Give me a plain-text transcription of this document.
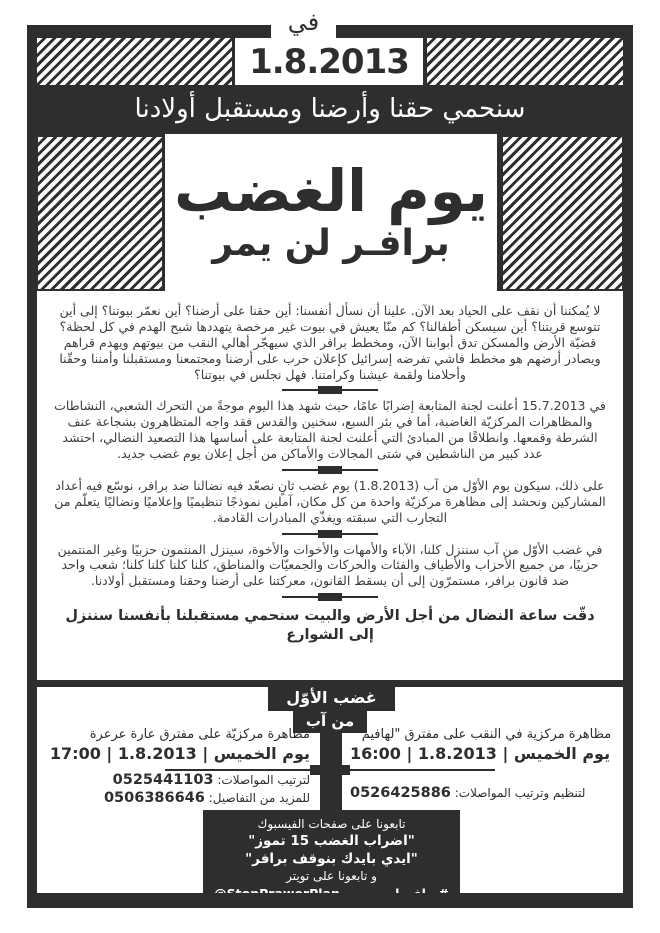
في
1.8.2013
سنحمي حقنا وأرضنا ومستقبل أولادنا
يوم الغضب
برافـر لن يمر

لا يُمكننا أن نقف على الحياد بعد الآن. علينا أن نسأل أنفسنا: أين حقنا على أرضنا؟ أين نعمّر بيوتنا؟ إلى أين تتوسع قريتنا؟ أين سيسكن أطفالنا؟ كم منّا يعيش في بيوت غير مرخصة يتهددها شبح الهدم في كل لحظة؟ قضيّة الأرض والمسكن تدق أبوابنا الآن، ومخطط برافر الذي سيهجّر أهالي النقب من بيوتهم ويهدم قراهم ويصادر أرضهم هو مخطط فاشي تفرضه إسرائيل كإعلان حرب على أرضنا ومجتمعنا ومستقبلنا وأمننا وحقّنا وأحلامنا ولقمة عيشنا وكرامتنا. فهل نجلس في بيوتنا؟

في 15.7.2013 أعلنت لجنة المتابعة إضرابًا عامًا، حيث شهد هذا اليوم موجةً من التحرك الشعبي، النشاطات والمظاهرات المركزيّة الغاضبة، أما في بئر السبع، سخنين والقدس فقد واجه المتظاهرون بشجاعة عنف الشرطة وقمعها. وانطلاقًا من المبادئ التي أعلنت لجنة المتابعة على أساسها هذا التصعيد النضالي، احتشد عدد كبير من الناشطين في شتى المجالات والأماكن من أجل إعلان يوم غضب جديد.

على ذلك، سيكون يوم الأوّل من آب (1.8.2013) يوم غضب ثانٍ نصعّد فيه نضالنا ضد برافر، نوسّع فيه أعداد المشاركين ونحشد إلى مظاهرة مركزيّة واحدة من كل مكان، آملين نموذجًا تنظيميًا وإعلاميًا ونضاليًا يتعلّم من التجارب التي سبقته ويغذّي المبادرات القادمة.

في غضب الأوّل من آب سننزل كلنا، الآباء والأمهات والأخوات والأخوة، سينزل المنتمون حزبيًا وغير المنتمين حزبيًا، من جميع الأحزاب والأطياف والفئات والحركات والجمعيّات والمناطق، كلنا كلنا كلنا كلنا؛ شعب واحد ضد قانون برافر، مستمرّون إلى أن يسقط القانون، معركتنا على أرضنا وحقنا ومستقبل أولادنا.

دقّت ساعة النضال من أجل الأرض والبيت سنحمي مستقبلنا بأنفسنا سننزل إلى الشوارع
غضب الأوّل
من آب
مظاهرة مركزية في النقب على مفترق "لهافيم"
يوم الخميس | 1.8.2013 | 16:00
لتنظيم وترتيب المواصلات: 0526425886
مظاهرة مركزيّة على مفترق عارة عرعرة
يوم الخميس | 1.8.2013 | 17:00
لترتيب المواصلات: 0525441103
للمزيد من التفاصيل: 0506386646
تابعونا على صفحات الفيسبوك
"اضراب الغضب 15 تموز"
"ايدي بايدك بنوقف برافر"
و تابعونا على تويتر
